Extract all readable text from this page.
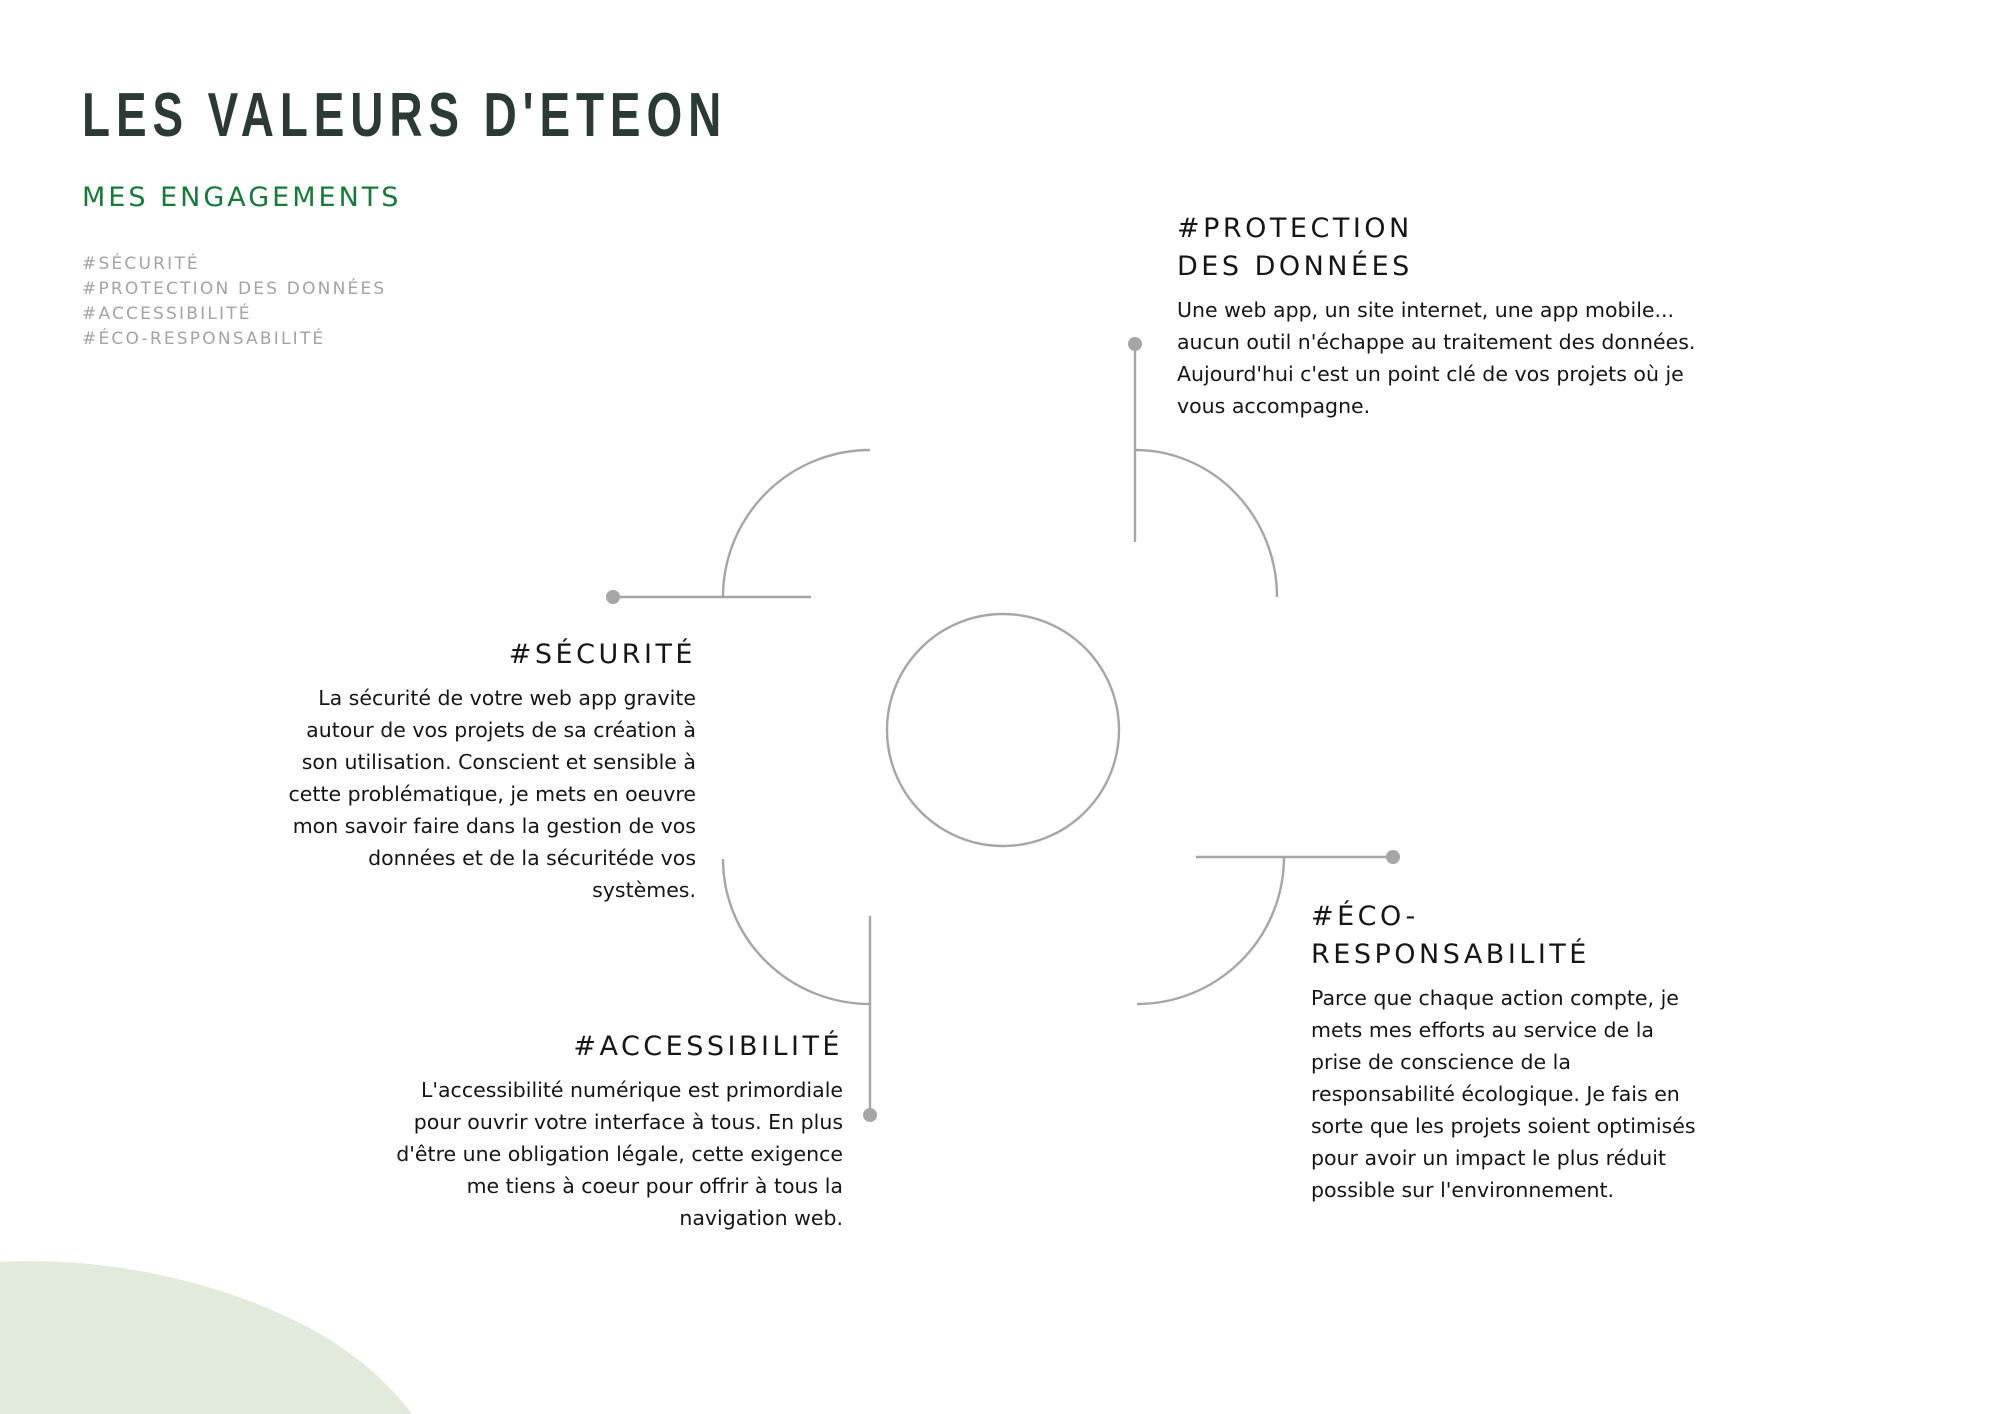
LES VALEURS D'ETEON
MES ENGAGEMENTS
#SÉCURITÉ
#PROTECTION DES DONNÉES
#ACCESSIBILITÉ
#ÉCO-RESPONSABILITÉ
#PROTECTION
DES DONNÉES

Une web app, un site internet, une app mobile... aucun outil n'échappe au traitement des données. Aujourd'hui c'est un point clé de vos projets où je vous accompagne.

#SÉCURITÉ

La sécurité de votre web app gravite autour de vos projets de sa création à son utilisation. Conscient et sensible à cette problématique, je mets en oeuvre mon savoir faire dans la gestion de vos données et de la sécuritéde vos systèmes.

#ACCESSIBILITÉ

L'accessibilité numérique est primordiale pour ouvrir votre interface à tous. En plus d'être une obligation légale, cette exigence me tiens à coeur pour offrir à tous la navigation web.

#ÉCO-
RESPONSABILITÉ

Parce que chaque action compte, je mets mes efforts au service de la prise de conscience de la responsabilité écologique. Je fais en sorte que les projets soient optimisés pour avoir un impact le plus réduit possible sur l'environnement.
